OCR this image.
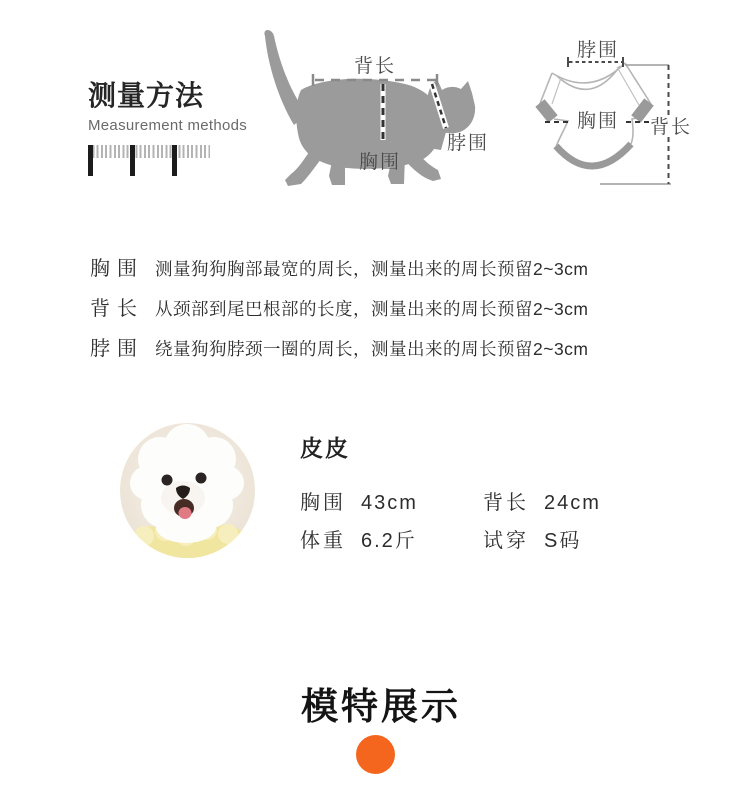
测量方法
Measurement methods
背长
胸围
脖围
脖围
胸围 背长
胸围 测量狗狗胸部最宽的周长，测量出来的周长预留2~3cm
背长 从颈部到尾巴根部的长度，测量出来的周长预留2~3cm
脖围 绕量狗狗脖颈一圈的周长，测量出来的周长预留2~3cm
皮皮
胸围 43cm	背长 24cm
体重 6.2斤	试穿 S码
模特展示
